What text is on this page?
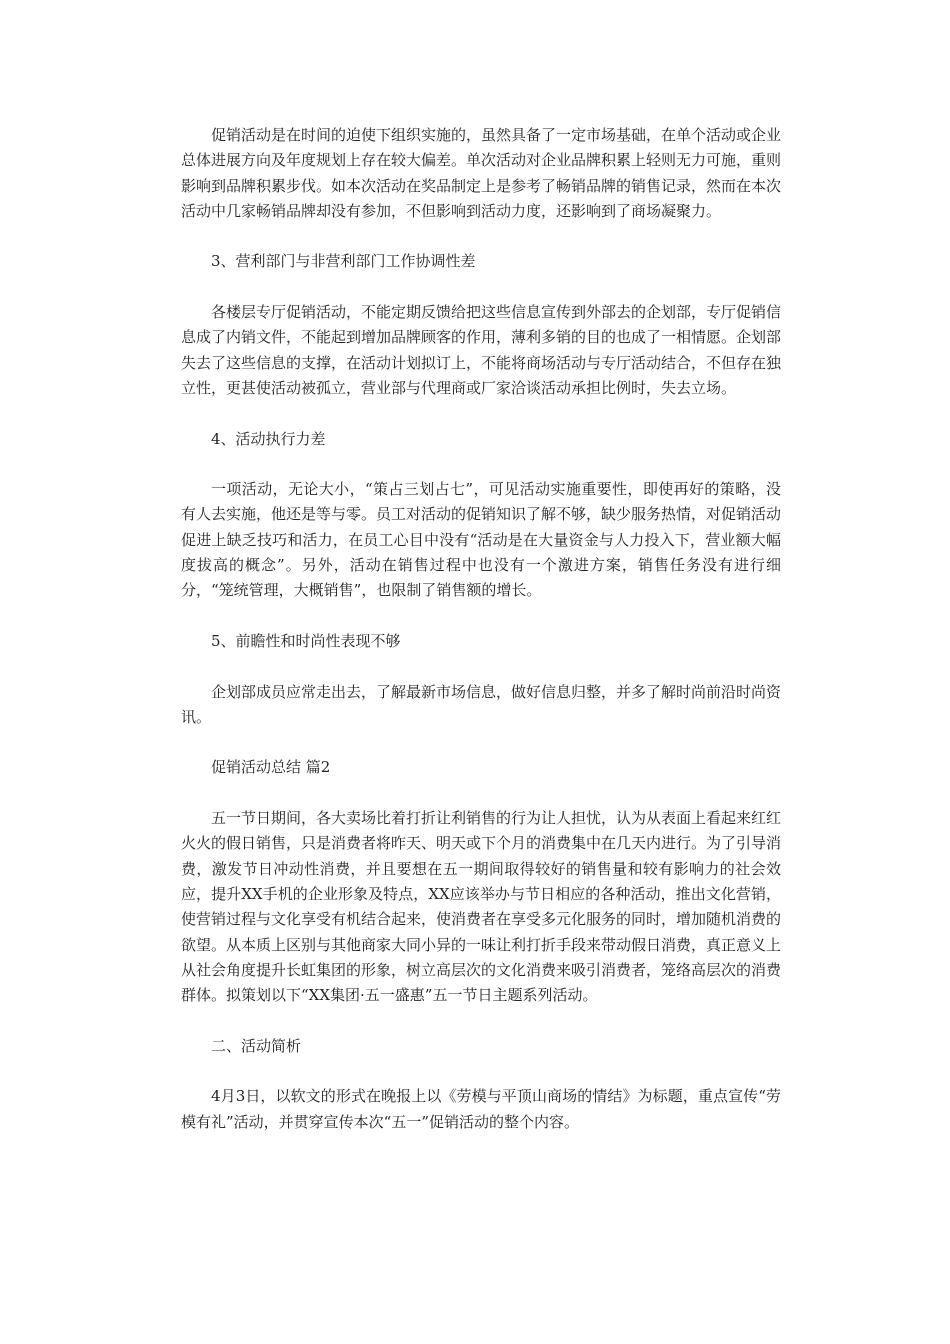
促销活动是在时间的迫使下组织实施的，虽然具备了一定市场基础，在单个活动或企业总体进展方向及年度规划上存在较大偏差。单次活动对企业品牌积累上轻则无力可施，重则影响到品牌积累步伐。如本次活动在奖品制定上是参考了畅销品牌的销售记录，然而在本次活动中几家畅销品牌却没有参加，不但影响到活动力度，还影响到了商场凝聚力。

3、营利部门与非营利部门工作协调性差

各楼层专厅促销活动，不能定期反馈给把这些信息宣传到外部去的企划部，专厅促销信息成了内销文件，不能起到增加品牌顾客的作用，薄利多销的目的也成了一相情愿。企划部失去了这些信息的支撑，在活动计划拟订上，不能将商场活动与专厅活动结合，不但存在独立性，更甚使活动被孤立，营业部与代理商或厂家洽谈活动承担比例时，失去立场。

4、活动执行力差

一项活动，无论大小，“策占三划占七”，可见活动实施重要性，即使再好的策略，没有人去实施，他还是等与零。员工对活动的促销知识了解不够，缺少服务热情，对促销活动促进上缺乏技巧和活力，在员工心目中没有“活动是在大量资金与人力投入下，营业额大幅度拔高的概念”。另外，活动在销售过程中也没有一个激进方案，销售任务没有进行细分，“笼统管理，大概销售”，也限制了销售额的增长。

5、前瞻性和时尚性表现不够

企划部成员应常走出去，了解最新市场信息，做好信息归整，并多了解时尚前沿时尚资讯。

促销活动总结 篇2

五一节日期间，各大卖场比着打折让利销售的行为让人担忧，认为从表面上看起来红红火火的假日销售，只是消费者将昨天、明天或下个月的消费集中在几天内进行。为了引导消费，激发节日冲动性消费，并且要想在五一期间取得较好的销售量和较有影响力的社会效应，提升XX手机的企业形象及特点，XX应该举办与节日相应的各种活动，推出文化营销，使营销过程与文化享受有机结合起来，使消费者在享受多元化服务的同时，增加随机消费的欲望。从本质上区别与其他商家大同小异的一味让利打折手段来带动假日消费，真正意义上从社会角度提升长虹集团的形象，树立高层次的文化消费来吸引消费者，笼络高层次的消费群体。拟策划以下“XX集团·五一盛惠”五一节日主题系列活动。

二、活动简析

4月3日，以软文的形式在晚报上以《劳模与平顶山商场的情结》为标题，重点宣传“劳模有礼”活动，并贯穿宣传本次“五一”促销活动的整个内容。
